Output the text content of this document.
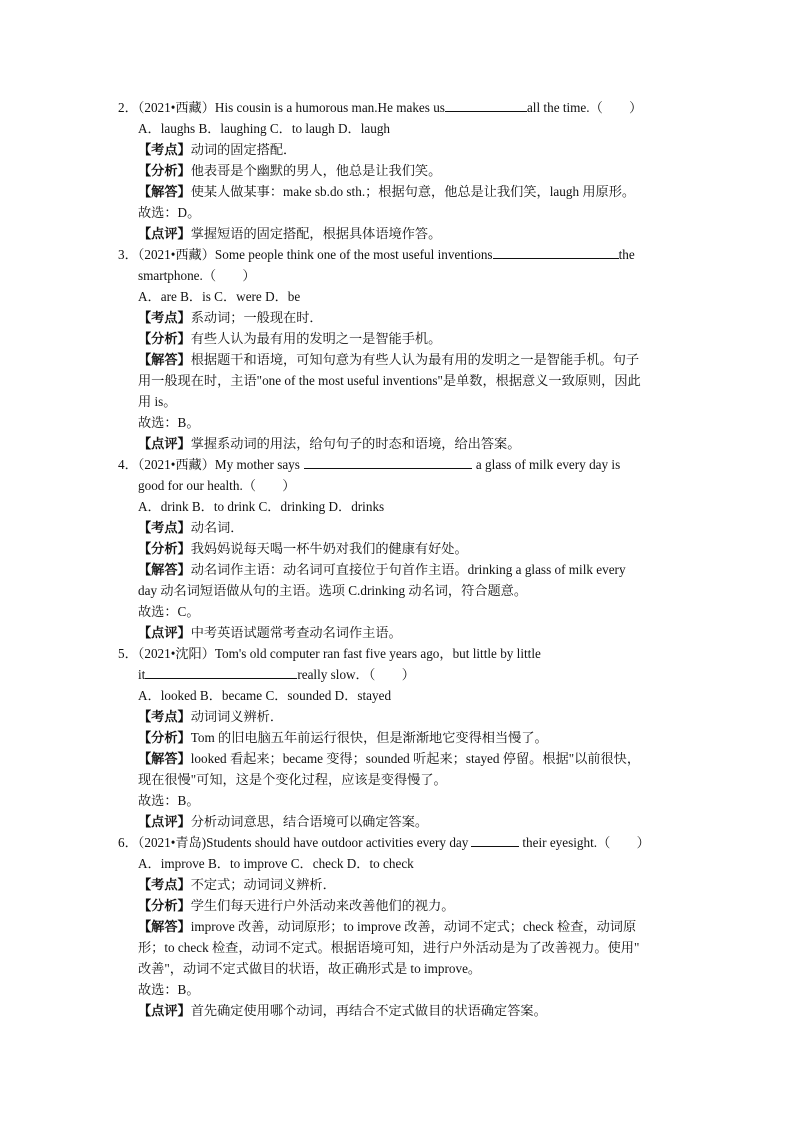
2．（2021•西藏）His cousin is a humorous man.He makes us	all the time.（　　）
A．laughs B．laughing C．to laugh D．laugh
【考点】动词的固定搭配．
【分析】他表哥是个幽默的男人，他总是让我们笑。
【解答】使某人做某事：make sb.do sth.；根据句意，他总是让我们笑，laugh 用原形。
故选：D。
【点评】掌握短语的固定搭配，根据具体语境作答。
3．（2021•西藏）Some people think one of the most useful inventions	the
smartphone.（　　）
A．are B．is C．were D．be
【考点】系动词；一般现在时．
【分析】有些人认为最有用的发明之一是智能手机。
【解答】根据题干和语境，可知句意为有些人认为最有用的发明之一是智能手机。句子
用一般现在时，主语"one of the most useful inventions"是单数，根据意义一致原则，因此
用 is。
故选：B。
【点评】掌握系动词的用法，给句句子的时态和语境，给出答案。
4．（2021•西藏）My mother says	a glass of milk every day is
good for our health.（　　）
A．drink B．to drink C．drinking D．drinks
【考点】动名词．
【分析】我妈妈说每天喝一杯牛奶对我们的健康有好处。
【解答】动名词作主语：动名词可直接位于句首作主语。drinking a glass of milk every
day 动名词短语做从句的主语。选项 C.drinking 动名词，符合题意。
故选：C。
【点评】中考英语试题常考查动名词作主语。
5．（2021•沈阳）Tom's old computer ran fast five years ago，but little by little
it	really slow．（　　）
A．looked B．became C．sounded D．stayed
【考点】动词词义辨析．
【分析】Tom 的旧电脑五年前运行很快，但是渐渐地它变得相当慢了。
【解答】looked 看起来；became 变得；sounded 听起来；stayed 停留。根据"以前很快，
现在很慢"可知，这是个变化过程，应该是变得慢了。
故选：B。
【点评】分析动词意思，结合语境可以确定答案。
6．（2021•青岛)Students should have outdoor activities every day	their eyesight.（　　）
A．improve B．to improve C．check D．to check
【考点】不定式；动词词义辨析．
【分析】学生们每天进行户外活动来改善他们的视力。
【解答】improve 改善，动词原形；to improve 改善，动词不定式；check 检查，动词原
形；to check 检查，动词不定式。根据语境可知，进行户外活动是为了改善视力。使用"
改善"，动词不定式做目的状语，故正确形式是 to improve。
故选：B。
【点评】首先确定使用哪个动词，再结合不定式做目的状语确定答案。
